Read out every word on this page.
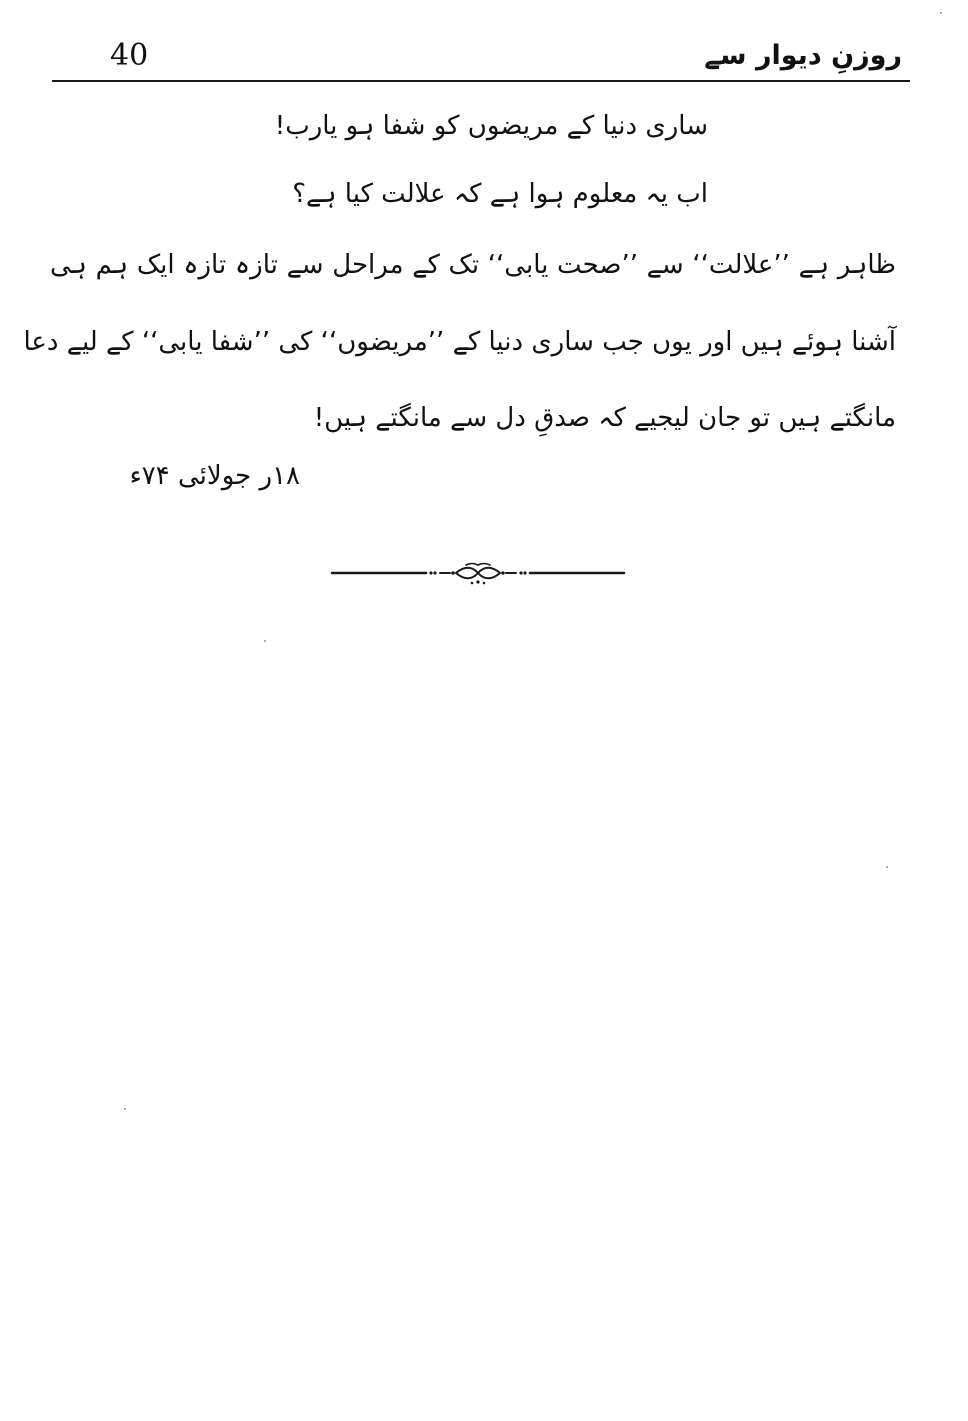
40	روزنِ دیوار سے
ساری دنیا کے مریضوں کو شفا ہو یارب!
اب یہ معلوم ہوا ہے کہ علالت کیا ہے؟
ظاہر ہے ’’علالت‘‘ سے ’’صحت یابی‘‘ تک کے مراحل سے تازہ تازہ ایک ہم ہی
آشنا ہوئے ہیں اور یوں جب ساری دنیا کے ’’مریضوں‘‘ کی ’’شفا یابی‘‘ کے لیے دعا
مانگتے ہیں تو جان لیجیے کہ صدقِ دل سے مانگتے ہیں!
۱۸ر جولائی ۷۴ء
